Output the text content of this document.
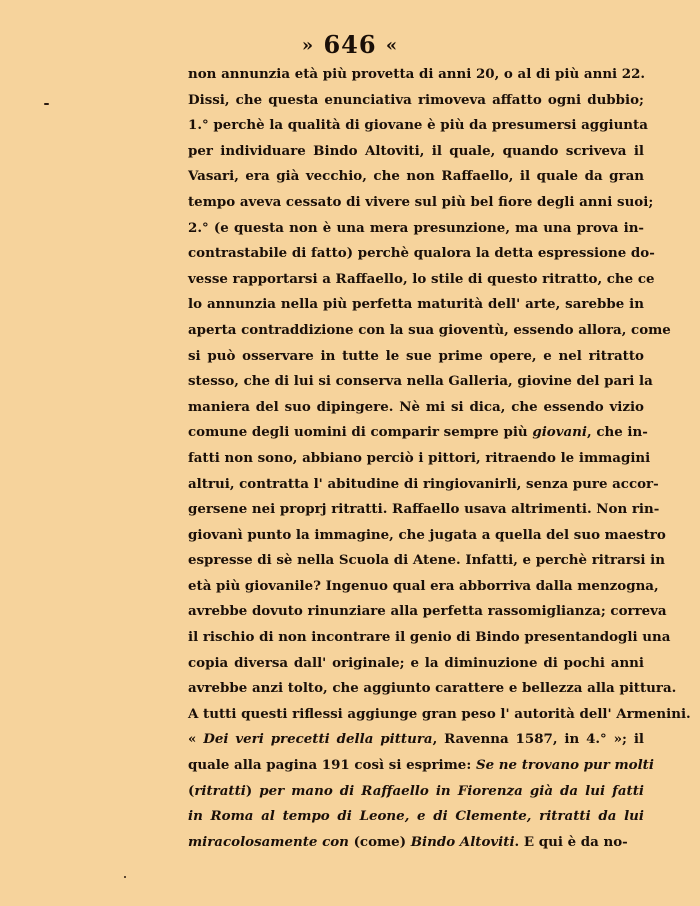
» 646 «
non annunzia età più provetta di anni 20, o al di più anni 22.
Dissi, che questa enunciativa rimoveva affatto ogni dubbio;
1.° perchè la qualità di giovane è più da presumersi aggiunta
per individuare Bindo Altoviti, il quale, quando scriveva il
Vasari, era già vecchio, che non Raffaello, il quale da gran
tempo aveva cessato di vivere sul più bel fiore degli anni suoi;
2.° (e questa non è una mera presunzione, ma una prova in-
contrastabile di fatto) perchè qualora la detta espressione do-
vesse rapportarsi a Raffaello, lo stile di questo ritratto, che ce
lo annunzia nella più perfetta maturità dell' arte, sarebbe in
aperta contraddizione con la sua gioventù, essendo allora, come
si può osservare in tutte le sue prime opere, e nel ritratto
stesso, che di lui si conserva nella Galleria, giovine del pari la
maniera del suo dipingere. Nè mi si dica, che essendo vizio
comune degli uomini di comparir sempre più giovani, che in-
fatti non sono, abbiano perciò i pittori, ritraendo le immagini
altrui, contratta l' abitudine di ringiovanirli, senza pure accor-
gersene nei proprj ritratti. Raffaello usava altrimenti. Non rin-
giovanì punto la immagine, che jugata a quella del suo maestro
espresse di sè nella Scuola di Atene. Infatti, e perchè ritrarsi in
età più giovanile? Ingenuo qual era abborriva dalla menzogna,
avrebbe dovuto rinunziare alla perfetta rassomiglianza; correva
il rischio di non incontrare il genio di Bindo presentandogli una
copia diversa dall' originale; e la diminuzione di pochi anni
avrebbe anzi tolto, che aggiunto carattere e bellezza alla pittura.
A tutti questi riflessi aggiunge gran peso l' autorità dell' Armenini.
« Dei veri precetti della pittura, Ravenna 1587, in 4.° »; il
quale alla pagina 191 così si esprime: Se ne trovano pur molti
(ritratti) per mano di Raffaello in Fiorenza già da lui fatti
in Roma al tempo di Leone, e di Clemente, ritratti da lui
miracolosamente con (come) Bindo Altoviti. E qui è da no-
